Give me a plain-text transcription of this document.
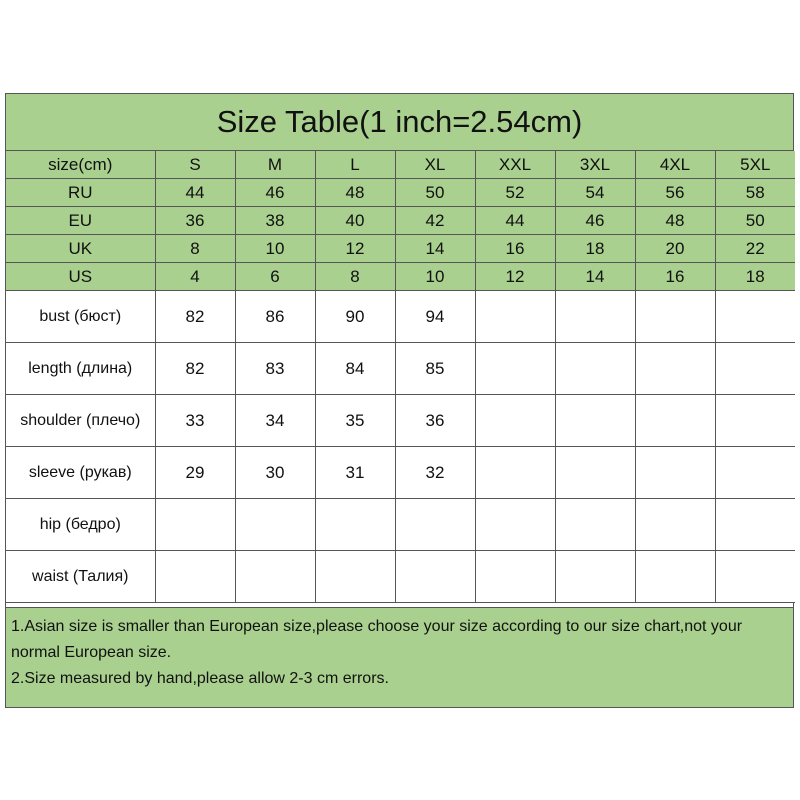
Size Table(1 inch=2.54cm)
size(cm)	S	M	L	XL	XXL	3XL	4XL	5XL
RU	44	46	48	50	52	54	56	58
EU	36	38	40	42	44	46	48	50
UK	8	10	12	14	16	18	20	22
US	4	6	8	10	12	14	16	18
bust (бюст)	82	86	90	94				
length (длина)	82	83	84	85				
shoulder (плечо)	33	34	35	36				
sleeve (рукав)	29	30	31	32				
hip (бедро)								
waist (Талия)								

1.Asian size is smaller than European size,please choose your size according to our size chart,not your normal European size.

2.Size measured by hand,please allow 2-3 cm errors.
